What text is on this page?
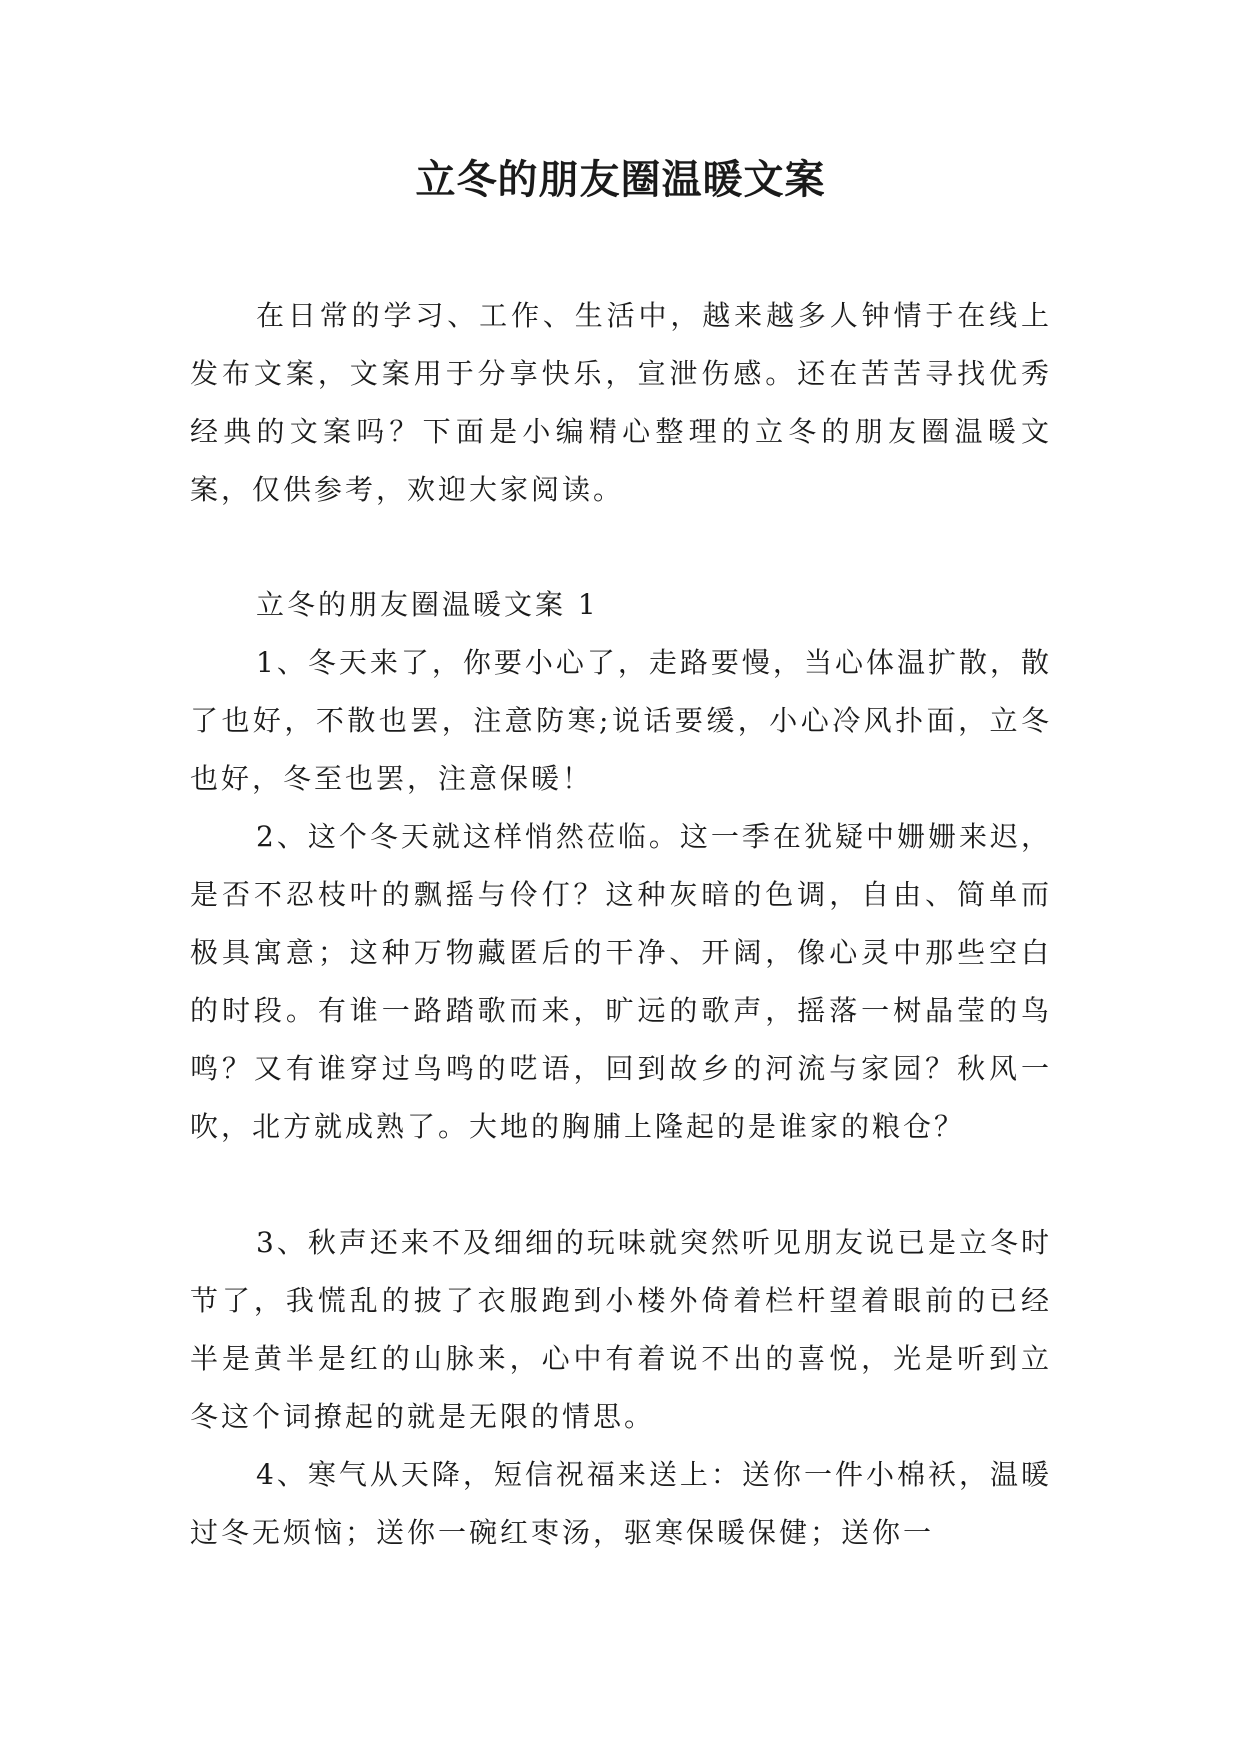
立冬的朋友圈温暖文案

在日常的学习、工作、生活中，越来越多人钟情于在线上发布文案，文案用于分享快乐，宣泄伤感。还在苦苦寻找优秀经典的文案吗？下面是小编精心整理的立冬的朋友圈温暖文案，仅供参考，欢迎大家阅读。

立冬的朋友圈温暖文案 1

1、冬天来了，你要小心了，走路要慢，当心体温扩散，散了也好，不散也罢，注意防寒;说话要缓，小心冷风扑面，立冬也好，冬至也罢，注意保暖！

2、这个冬天就这样悄然莅临。这一季在犹疑中姗姗来迟，是否不忍枝叶的飘摇与伶仃？这种灰暗的色调，自由、简单而极具寓意；这种万物藏匿后的干净、开阔，像心灵中那些空白的时段。有谁一路踏歌而来，旷远的歌声，摇落一树晶莹的鸟鸣？又有谁穿过鸟鸣的呓语，回到故乡的河流与家园？秋风一吹，北方就成熟了。大地的胸脯上隆起的是谁家的粮仓？

3、秋声还来不及细细的玩味就突然听见朋友说已是立冬时节了，我慌乱的披了衣服跑到小楼外倚着栏杆望着眼前的已经半是黄半是红的山脉来，心中有着说不出的喜悦，光是听到立冬这个词撩起的就是无限的情思。

4、寒气从天降，短信祝福来送上：送你一件小棉袄，温暖过冬无烦恼；送你一碗红枣汤，驱寒保暖保健；送你一
